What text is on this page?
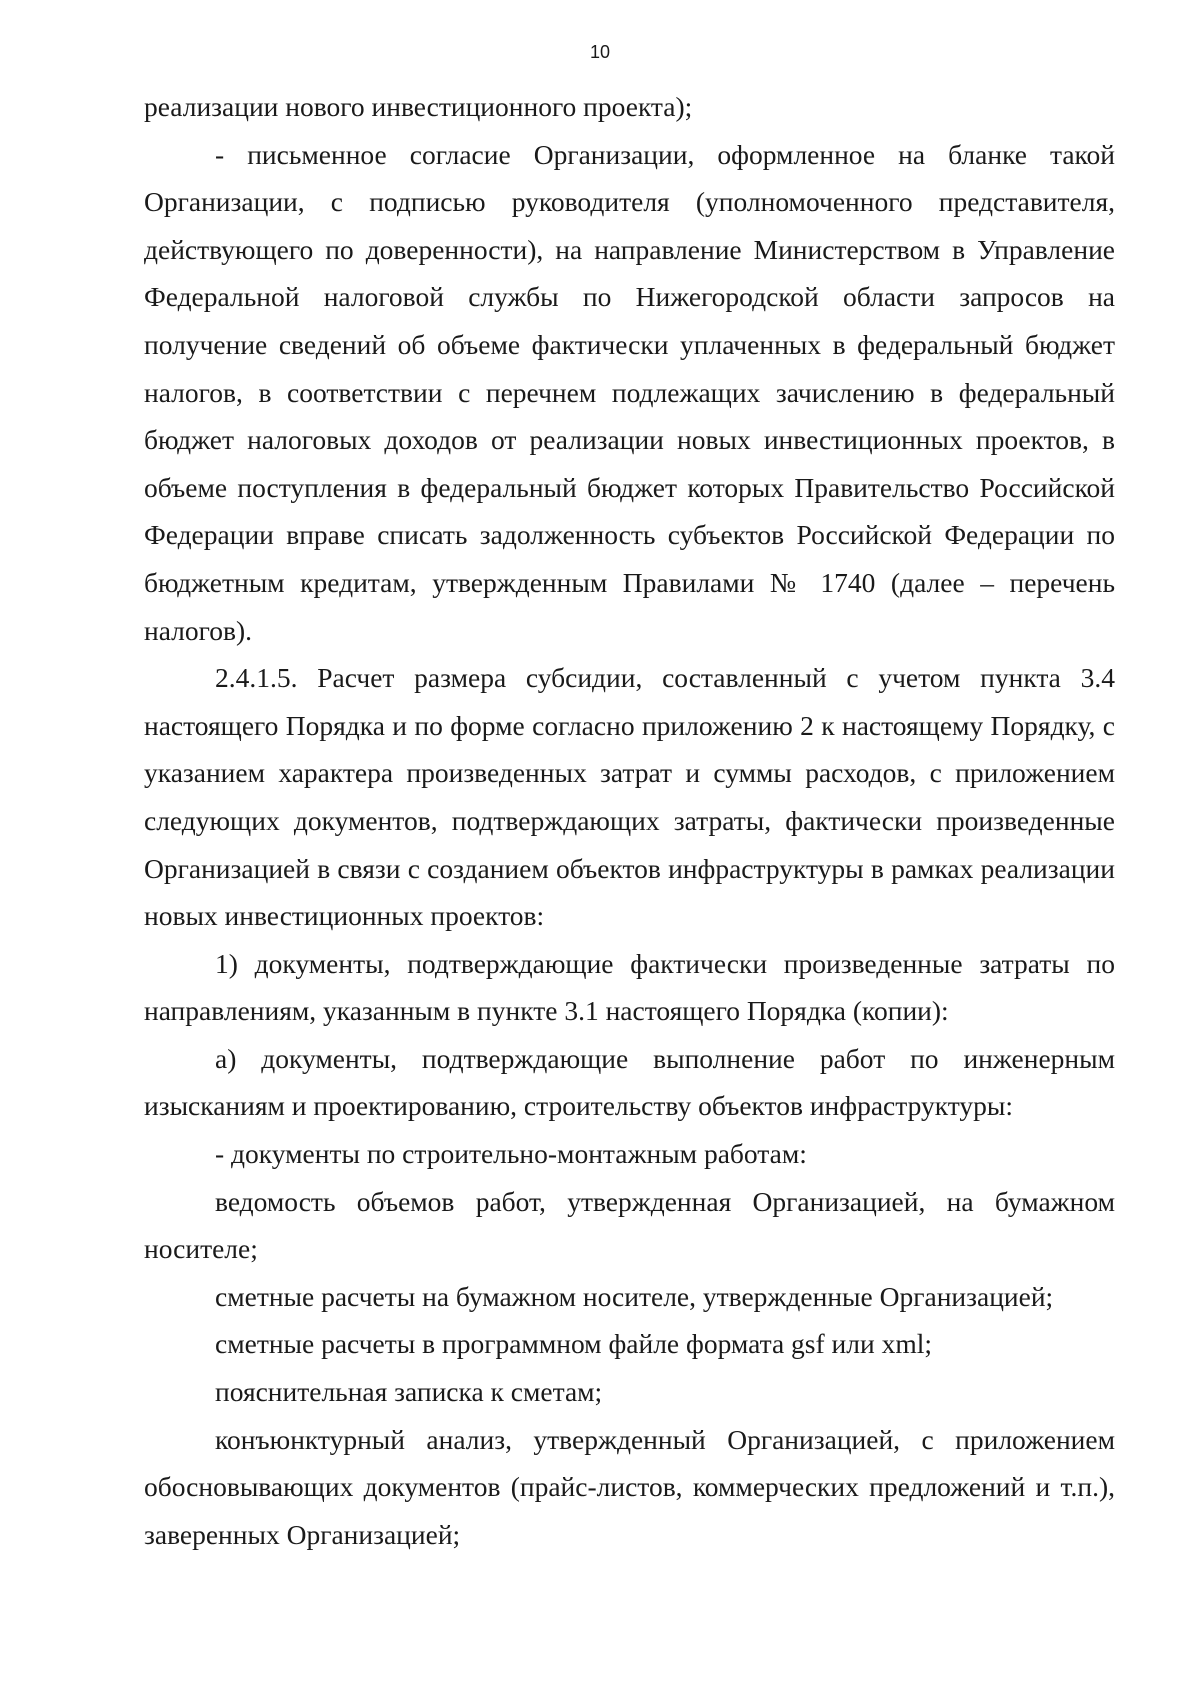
10

реализации нового инвестиционного проекта);

- письменное согласие Организации, оформленное на бланке такой Организации, с подписью руководителя (уполномоченного представителя, действующего по доверенности), на направление Министерством в Управление Федеральной налоговой службы по Нижегородской области запросов на получение сведений об объеме фактически уплаченных в федеральный бюджет налогов, в соответствии с перечнем подлежащих зачислению в федеральный бюджет налоговых доходов от реализации новых инвестиционных проектов, в объеме поступления в федеральный бюджет которых Правительство Российской Федерации вправе списать задолженность субъектов Российской Федерации по бюджетным кредитам, утвержденным Правилами № 1740 (далее – перечень налогов).

2.4.1.5. Расчет размера субсидии, составленный с учетом пункта 3.4 настоящего Порядка и по форме согласно приложению 2 к настоящему Порядку, с указанием характера произведенных затрат и суммы расходов, с приложением следующих документов, подтверждающих затраты, фактически произведенные Организацией в связи с созданием объектов инфраструктуры в рамках реализации новых инвестиционных проектов:

1) документы, подтверждающие фактически произведенные затраты по направлениям, указанным в пункте 3.1 настоящего Порядка (копии):

а) документы, подтверждающие выполнение работ по инженерным изысканиям и проектированию, строительству объектов инфраструктуры:

- документы по строительно-монтажным работам:

ведомость объемов работ, утвержденная Организацией, на бумажном носителе;

сметные расчеты на бумажном носителе, утвержденные Организацией;

сметные расчеты в программном файле формата gsf или xml;

пояснительная записка к сметам;

конъюнктурный анализ, утвержденный Организацией, с приложением обосновывающих документов (прайс-листов, коммерческих предложений и т.п.), заверенных Организацией;
